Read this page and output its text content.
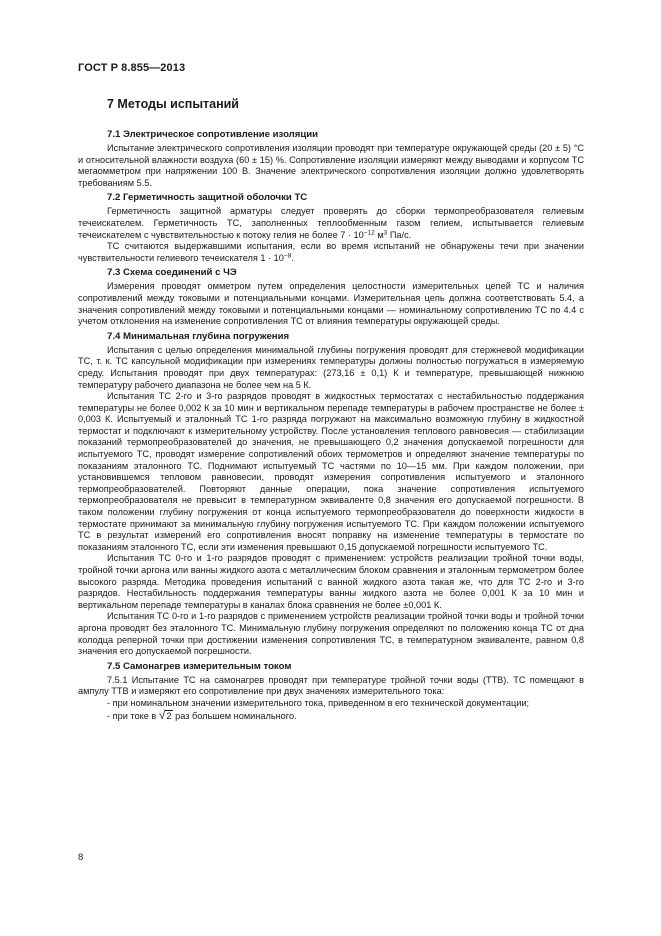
ГОСТ Р 8.855—2013
7 Методы испытаний
7.1 Электрическое сопротивление изоляции

Испытание электрического сопротивления изоляции проводят при температуре окружающей среды (20 ± 5) °С и относительной влажности воздуха (60 ± 15) %. Сопротивление изоляции измеряют между выводами и корпусом ТС мегаомметром при напряжении 100 В. Значение электрического сопротивления изоляции должно удовлетворять требованиям 5.5.

7.2 Герметичность защитной оболочки ТС

Герметичность защитной арматуры следует проверять до сборки термопреобразователя гелиевым течеискателем. Герметичность ТС, заполненных теплообменным газом гелием, испытывается гелиевым течеискателем с чувствительностью к потоку гелия не более $7 \cdot 10^{-12}$ $м^3$ Па/с.

ТС считаются выдержавшими испытания, если во время испытаний не обнаружены течи при значении чувствительности гелиевого течеискателя $1 \cdot 10^{-8}$.

7.3 Схема соединений с ЧЭ

Измерения проводят омметром путем определения целостности измерительных цепей ТС и наличия сопротивлений между токовыми и потенциальными концами. Измерительная цепь должна соответствовать 5.4, а значения сопротивлений между токовыми и потенциальными концами — номинальному сопротивлению ТС по 4.4 с учетом отклонения на изменение сопротивления ТС от влияния температуры окружающей среды.

7.4 Минимальная глубина погружения

Испытания с целью определения минимальной глубины погружения проводят для стержневой модификации ТС, т. к. ТС капсульной модификации при измерениях температуры должны полностью погружаться в измеряемую среду. Испытания проводят при двух температурах: (273,16 ± 0,1) К и температуре, превышающей нижнюю температуру рабочего диапазона не более чем на 5 К.

Испытания ТС 2-го и 3-го разрядов проводят в жидкостных термостатах с нестабильностью поддержания температуры не более 0,002 К за 10 мин и вертикальном перепаде температуры в рабочем пространстве не более ± 0,003 К. Испытуемый и эталонный ТС 1-го разряда погружают на максимально возможную глубину в жидкостной термостат и подключают к измерительному устройству. После установления теплового равновесия — стабилизации показаний термопреобразователей до значения, не превышающего 0,2 значения допускаемой погрешности для испытуемого ТС, проводят измерение сопротивлений обоих термометров и определяют значение температуры по показаниям эталонного ТС. Поднимают испытуемый ТС частями по 10—15 мм. При каждом положении, при установившемся тепловом равновесии, проводят измерения сопротивления испытуемого и эталонного термопреобразователей. Повторяют данные операции, пока значение сопротивления испытуемого термопреобразователя не превысит в температурном эквиваленте 0,8 значения его допускаемой погрешности. В таком положении глубину погружения от конца испытуемого термопреобразователя до поверхности жидкости в термостате принимают за минимальную глубину погружения испытуемого ТС. При каждом положении испытуемого ТС в результат измерений его сопротивления вносят поправку на изменение температуры в термостате по показаниям эталонного ТС, если эти изменения превышают 0,15 допускаемой погрешности испытуемого ТС.

Испытания ТС 0-го и 1-го разрядов проводят с применением: устройств реализации тройной точки воды, тройной точки аргона или ванны жидкого азота с металлическим блоком сравнения и эталонным термометром более высокого разряда. Методика проведения испытаний с ванной жидкого азота такая же, что для ТС 2-го и 3-го разрядов. Нестабильность поддержания температуры ванны жидкого азота не более 0,001 К за 10 мин и вертикальном перепаде температуры в каналах блока сравнения не более ±0,001 К.

Испытания ТС 0-го и 1-го разрядов с применением устройств реализации тройной точки воды и тройной точки аргона проводят без эталонного ТС. Минимальную глубину погружения определяют по положению конца ТС от дна колодца реперной точки при достижении изменения сопротивления ТС, в температурном эквиваленте, равном 0,8 значения его допускаемой погрешности.

7.5 Самонагрев измерительным током

7.5.1 Испытание ТС на самонагрев проводят при температуре тройной точки воды (ТТВ). ТС помещают в ампулу ТТВ и измеряют его сопротивление при двух значениях измерительного тока:

- при номинальном значении измерительного тока, приведенном в его технической документации;

- при токе в √2 раз большем номинального.

8
